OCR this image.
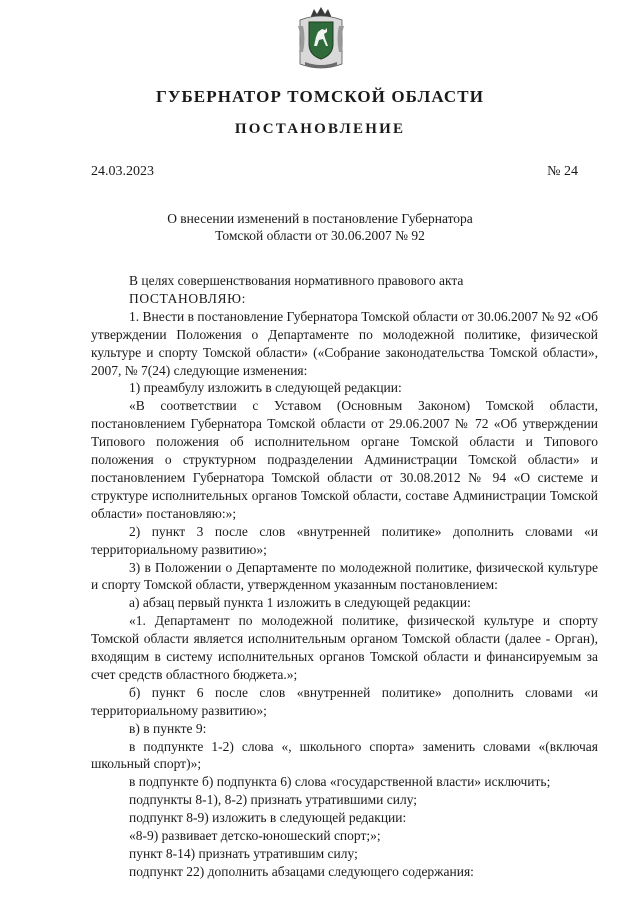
ГУБЕРНАТОР ТОМСКОЙ ОБЛАСТИ
ПОСТАНОВЛЕНИЕ
24.03.2023	№ 24
О внесении изменений в постановление Губернатора
Томской области от 30.06.2007 № 92

В целях совершенствования нормативного правового акта

ПОСТАНОВЛЯЮ:

1. Внести в постановление Губернатора Томской области от 30.06.2007 № 92 «Об утверждении Положения о Департаменте по молодежной политике, физической культуре и спорту Томской области» («Собрание законодательства Томской области», 2007, № 7(24) следующие изменения:

1) преамбулу изложить в следующей редакции:

«В соответствии с Уставом (Основным Законом) Томской области, постановлением Губернатора Томской области от 29.06.2007 № 72 «Об утверждении Типового положения об исполнительном органе Томской области и Типового положения о структурном подразделении Администрации Томской области» и постановлением Губернатора Томской области от 30.08.2012 № 94 «О системе и структуре исполнительных органов Томской области, составе Администрации Томской области» постановляю:»;

2) пункт 3 после слов «внутренней политике» дополнить словами «и территориальному развитию»;

3) в Положении о Департаменте по молодежной политике, физической культуре и спорту Томской области, утвержденном указанным постановлением:

а) абзац первый пункта 1 изложить в следующей редакции:

«1. Департамент по молодежной политике, физической культуре и спорту Томской области является исполнительным органом Томской области (далее - Орган), входящим в систему исполнительных органов Томской области и финансируемым за счет средств областного бюджета.»;

б) пункт 6 после слов «внутренней политике» дополнить словами «и территориальному развитию»;

в) в пункте 9:

в подпункте 1-2) слова «, школьного спорта» заменить словами «(включая школьный спорт)»;

в подпункте б) подпункта 6) слова «государственной власти» исключить;

подпункты 8-1), 8-2) признать утратившими силу;

подпункт 8-9) изложить в следующей редакции:

«8-9) развивает детско-юношеский спорт;»;

пункт 8-14) признать утратившим силу;

подпункт 22) дополнить абзацами следующего содержания:
